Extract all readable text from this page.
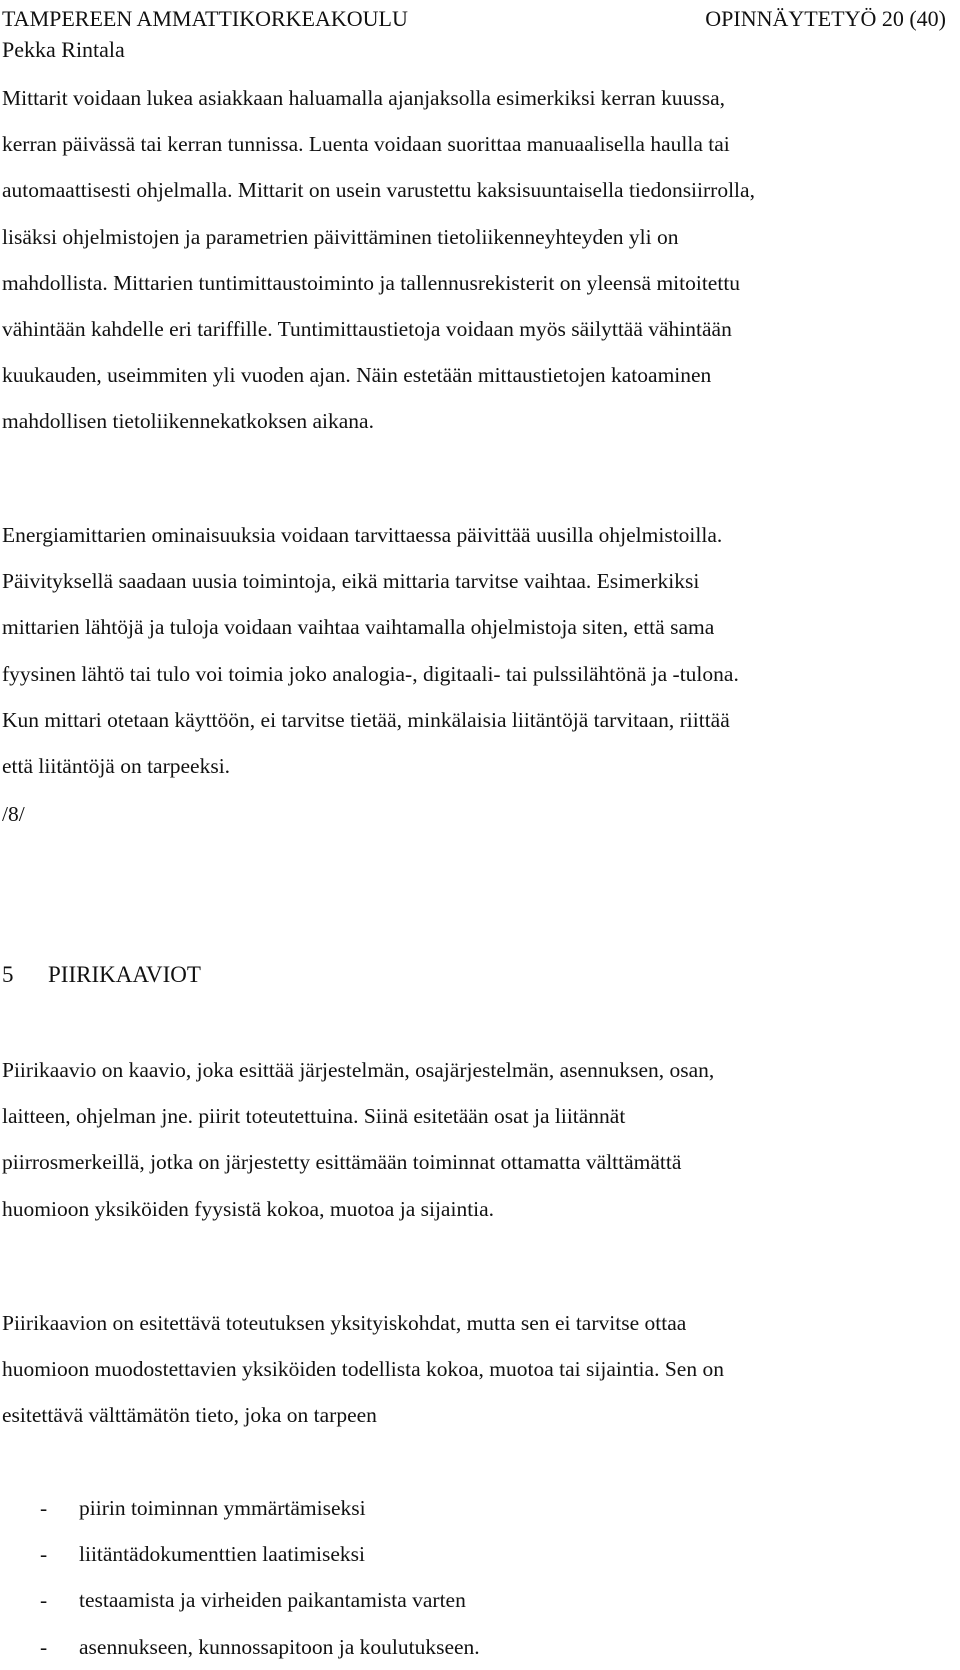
TAMPEREEN AMMATTIKORKEAKOULU	OPINNÄYTETYÖ 20 (40)
Pekka Rintala

Mittarit voidaan lukea asiakkaan haluamalla ajanjaksolla esimerkiksi kerran kuussa,
kerran päivässä tai kerran tunnissa. Luenta voidaan suorittaa manuaalisella haulla tai
automaattisesti ohjelmalla. Mittarit on usein varustettu kaksisuuntaisella tiedonsiirrolla,
lisäksi ohjelmistojen ja parametrien päivittäminen tietoliikenneyhteyden yli on
mahdollista. Mittarien tuntimittaustoiminto ja tallennusrekisterit on yleensä mitoitettu
vähintään kahdelle eri tariffille. Tuntimittaustietoja voidaan myös säilyttää vähintään
kuukauden, useimmiten yli vuoden ajan. Näin estetään mittaustietojen katoaminen
mahdollisen tietoliikennekatkoksen aikana.

Energiamittarien ominaisuuksia voidaan tarvittaessa päivittää uusilla ohjelmistoilla.
Päivityksellä saadaan uusia toimintoja, eikä mittaria tarvitse vaihtaa. Esimerkiksi
mittarien lähtöjä ja tuloja voidaan vaihtaa vaihtamalla ohjelmistoja siten, että sama
fyysinen lähtö tai tulo voi toimia joko analogia-, digitaali- tai pulssilähtönä ja -tulona.
Kun mittari otetaan käyttöön, ei tarvitse tietää, minkälaisia liitäntöjä tarvitaan, riittää
että liitäntöjä on tarpeeksi.

/8/

5 PIIRIKAAVIOT

Piirikaavio on kaavio, joka esittää järjestelmän, osajärjestelmän, asennuksen, osan,
laitteen, ohjelman jne. piirit toteutettuina. Siinä esitetään osat ja liitännät
piirrosmerkeillä, jotka on järjestetty esittämään toiminnat ottamatta välttämättä
huomioon yksiköiden fyysistä kokoa, muotoa ja sijaintia.

Piirikaavion on esitettävä toteutuksen yksityiskohdat, mutta sen ei tarvitse ottaa
huomioon muodostettavien yksiköiden todellista kokoa, muotoa tai sijaintia. Sen on
esitettävä välttämätön tieto, joka on tarpeen

-	piirin toiminnan ymmärtämiseksi
-	liitäntädokumenttien laatimiseksi
-	testaamista ja virheiden paikantamista varten
-	asennukseen, kunnossapitoon ja koulutukseen.
